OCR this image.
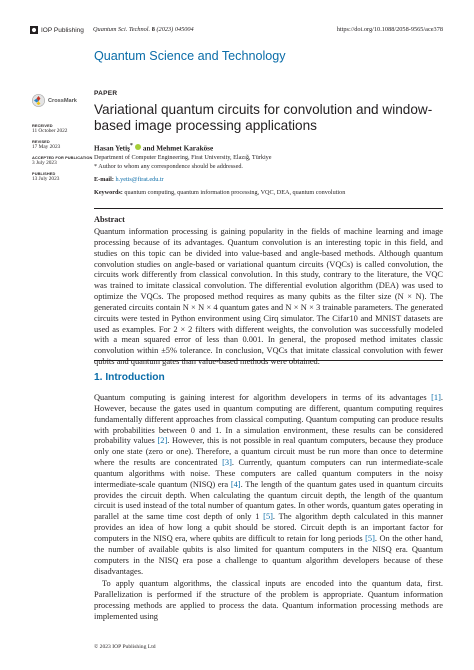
IOP Publishing Quantum Sci. Technol. 8 (2023) 045004	https://doi.org/10.1088/2058-9565/ace378
Quantum Science and Technology
CrossMark
RECEIVED
11 October 2022
REVISED
17 May 2023
ACCEPTED FOR PUBLICATION
3 July 2023
PUBLISHED
13 July 2023
PAPER
Variational quantum circuits for convolution and window-based image processing applications
Hasan Yetiş* and Mehmet Karaköse
Department of Computer Engineering, Firat University, Elazığ, Türkiye
* Author to whom any correspondence should be addressed.
E-mail: h.yetis@firat.edu.tr
Keywords: quantum computing, quantum information processing, VQC, DEA, quantum convolution
Abstract
Quantum information processing is gaining popularity in the fields of machine learning and image processing because of its advantages. Quantum convolution is an interesting topic in this field, and studies on this topic can be divided into value-based and angle-based methods. Although quantum convolution studies on angle-based or variational quantum circuits (VQCs) is called convolution, the circuits work differently from classical convolution. In this study, contrary to the literature, the VQC was trained to imitate classical convolution. The differential evolution algorithm (DEA) was used to optimize the VQCs. The proposed method requires as many qubits as the filter size (N × N). The generated circuits contain N × N × 4 quantum gates and N × N × 3 trainable parameters. The generated circuits were tested in Python environment using Cirq simulator. The Cifar10 and MNIST datasets are used as examples. For 2 × 2 filters with different weights, the convolution was successfully modeled with a mean squared error of less than 0.001. In general, the proposed method imitates classic convolution within ±5% tolerance. In conclusion, VQCs that imitate classical convolution with fewer qubits and quantum gates than value-based methods were obtained.
1. Introduction
Quantum computing is gaining interest for algorithm developers in terms of its advantages [1]. However, because the gates used in quantum computing are different, quantum computing requires fundamentally different approaches from classical computing. Quantum computing can produce results with probabilities between 0 and 1. In a simulation environment, these results can be considered probability values [2]. However, this is not possible in real quantum computers, because they produce only one state (zero or one). Therefore, a quantum circuit must be run more than once to determine where the results are concentrated [3]. Currently, quantum computers can run intermediate-scale quantum algorithms with noise. These computers are called quantum computers in the noisy intermediate-scale quantum (NISQ) era [4]. The length of the quantum gates used in quantum circuits provides the circuit depth. When calculating the quantum circuit depth, the length of the quantum circuit is used instead of the total number of quantum gates. In other words, quantum gates operating in parallel at the same time cost depth of only 1 [5]. The algorithm depth calculated in this manner provides an idea of how long a qubit should be stored. Circuit depth is an important factor for computers in the NISQ era, where qubits are difficult to retain for long periods [5]. On the other hand, the number of available qubits is also limited for quantum computers in the NISQ era. Quantum computers in the NISQ era pose a challenge to quantum algorithm developers because of these disadvantages.
To apply quantum algorithms, the classical inputs are encoded into the quantum data, first. Parallelization is performed if the structure of the problem is appropriate. Quantum information processing methods are applied to process the data. Quantum information processing methods are implemented using
© 2023 IOP Publishing Ltd
